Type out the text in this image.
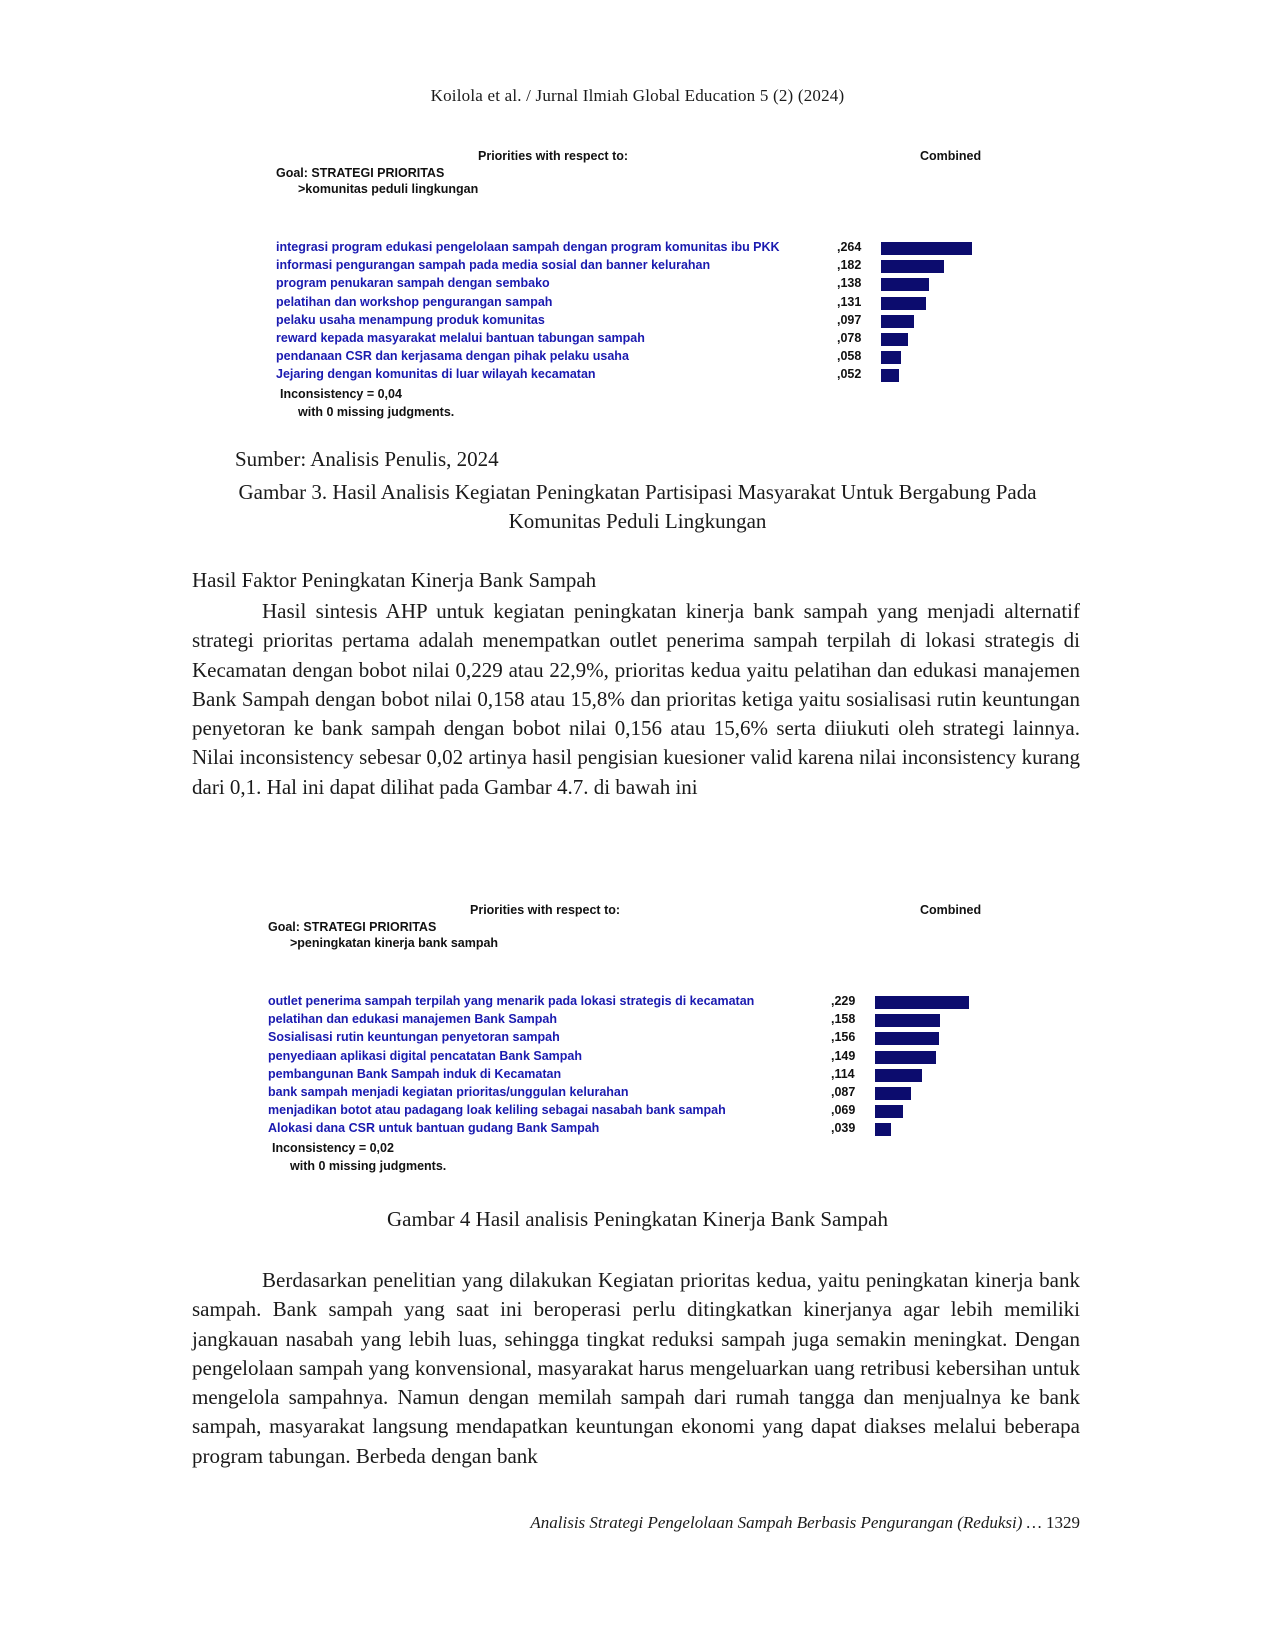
Koilola et al. / Jurnal Ilmiah Global Education 5 (2) (2024)
Priorities with respect to:	Combined
Goal: STRATEGI PRIORITAS
>komunitas peduli lingkungan
integrasi program edukasi pengelolaan sampah dengan program komunitas ibu PKK	,264
informasi pengurangan sampah pada media sosial dan banner kelurahan	,182
program penukaran sampah dengan sembako	,138
pelatihan dan workshop pengurangan sampah	,131
pelaku usaha menampung produk komunitas	,097
reward kepada masyarakat melalui bantuan tabungan sampah	,078
pendanaan CSR dan kerjasama dengan pihak pelaku usaha	,058
Jejaring dengan komunitas di luar wilayah kecamatan	,052
Inconsistency = 0,04
with 0 missing judgments.
Sumber: Analisis Penulis, 2024
Gambar 3. Hasil Analisis Kegiatan Peningkatan Partisipasi Masyarakat Untuk Bergabung Pada
Komunitas Peduli Lingkungan
Hasil Faktor Peningkatan Kinerja Bank Sampah
Hasil sintesis AHP untuk kegiatan peningkatan kinerja bank sampah yang menjadi alternatif strategi prioritas pertama adalah menempatkan outlet penerima sampah terpilah di lokasi strategis di Kecamatan dengan bobot nilai 0,229 atau 22,9%, prioritas kedua yaitu pelatihan dan edukasi manajemen Bank Sampah dengan bobot nilai 0,158 atau 15,8% dan prioritas ketiga yaitu sosialisasi rutin keuntungan penyetoran ke bank sampah dengan bobot nilai 0,156 atau 15,6% serta diiukuti oleh strategi lainnya. Nilai inconsistency sebesar 0,02 artinya hasil pengisian kuesioner valid karena nilai inconsistency kurang dari 0,1. Hal ini dapat dilihat pada Gambar 4.7. di bawah ini
Priorities with respect to:	Combined
Goal: STRATEGI PRIORITAS
>peningkatan kinerja bank sampah
outlet penerima sampah terpilah yang menarik pada lokasi strategis di kecamatan	,229
pelatihan dan edukasi manajemen Bank Sampah	,158
Sosialisasi rutin keuntungan penyetoran sampah	,156
penyediaan aplikasi digital pencatatan Bank Sampah	,149
pembangunan Bank Sampah induk di Kecamatan	,114
bank sampah menjadi kegiatan prioritas/unggulan kelurahan	,087
menjadikan botot atau padagang loak keliling sebagai nasabah bank sampah	,069
Alokasi dana CSR untuk bantuan gudang Bank Sampah	,039
Inconsistency = 0,02
with 0 missing judgments.
Gambar 4 Hasil analisis Peningkatan Kinerja Bank Sampah
Berdasarkan penelitian yang dilakukan Kegiatan prioritas kedua, yaitu peningkatan kinerja bank sampah. Bank sampah yang saat ini beroperasi perlu ditingkatkan kinerjanya agar lebih memiliki jangkauan nasabah yang lebih luas, sehingga tingkat reduksi sampah juga semakin meningkat. Dengan pengelolaan sampah yang konvensional, masyarakat harus mengeluarkan uang retribusi kebersihan untuk mengelola sampahnya. Namun dengan memilah sampah dari rumah tangga dan menjualnya ke bank sampah, masyarakat langsung mendapatkan keuntungan ekonomi yang dapat diakses melalui beberapa program tabungan. Berbeda dengan bank
Analisis Strategi Pengelolaan Sampah Berbasis Pengurangan (Reduksi) … 1329
